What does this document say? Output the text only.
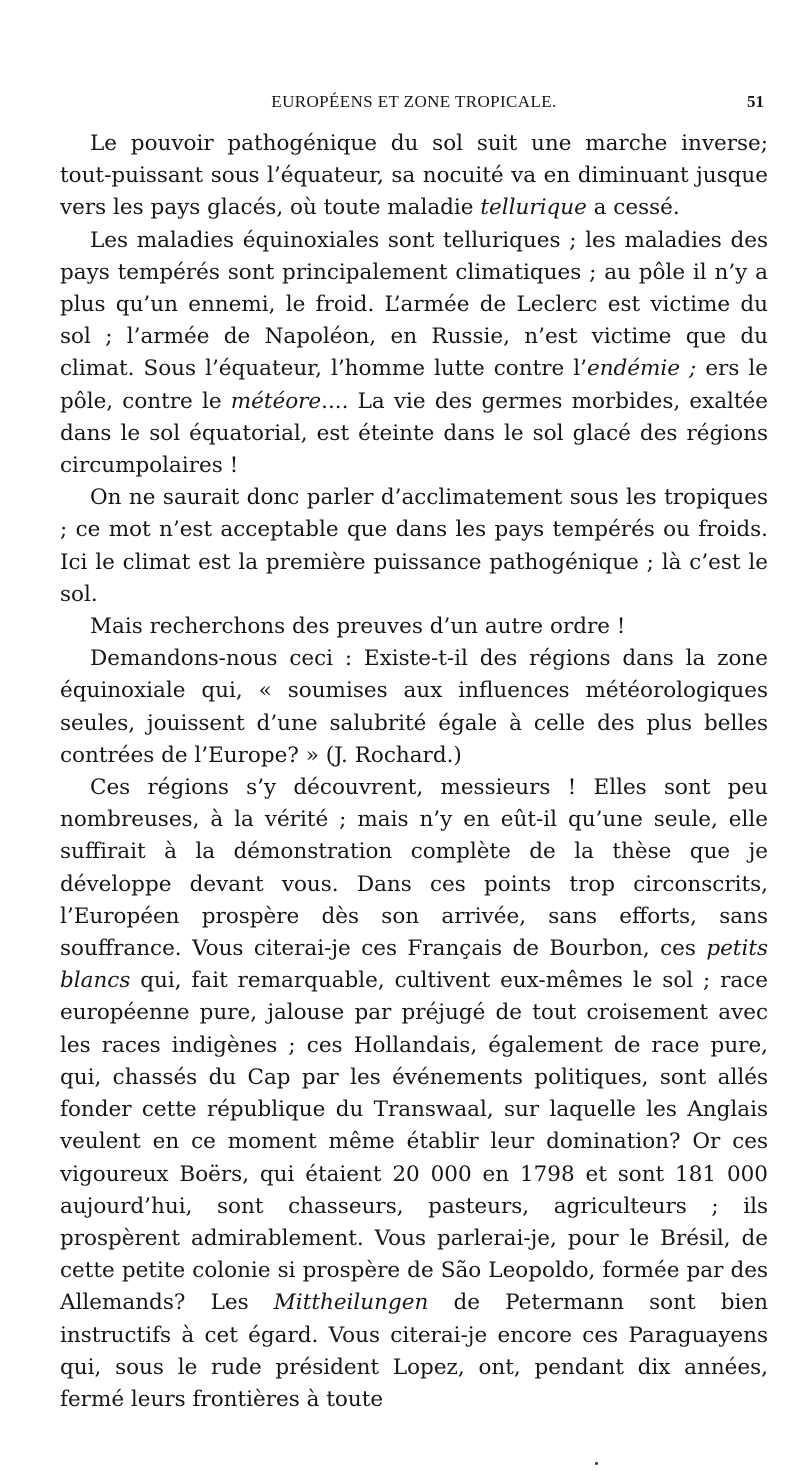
EUROPÉENS ET ZONE TROPICALE.	51

Le pouvoir pathogénique du sol suit une marche inverse; tout-puissant sous l’équateur, sa nocuité va en diminuant jusque vers les pays glacés, où toute maladie tellurique a cessé.

Les maladies équinoxiales sont telluriques ; les maladies des pays tempérés sont principalement climatiques ; au pôle il n’y a plus qu’un ennemi, le froid. L’armée de Leclerc est victime du sol ; l’armée de Napoléon, en Russie, n’est victime que du climat. Sous l’équateur, l’homme lutte contre l’endémie ; ers le pôle, contre le météore.... La vie des germes morbides, exaltée dans le sol équatorial, est éteinte dans le sol glacé des régions circumpolaires !

On ne saurait donc parler d’acclimatement sous les tropiques ; ce mot n’est acceptable que dans les pays tempérés ou froids. Ici le climat est la première puissance pathogénique ; là c’est le sol.

Mais recherchons des preuves d’un autre ordre !

Demandons-nous ceci : Existe-t-il des régions dans la zone équinoxiale qui, « soumises aux influences météorologiques seules, jouissent d’une salubrité égale à celle des plus belles contrées de l’Europe? » (J. Rochard.)

Ces régions s’y découvrent, messieurs ! Elles sont peu nombreuses, à la vérité ; mais n’y en eût-il qu’une seule, elle suffirait à la démonstration complète de la thèse que je développe devant vous. Dans ces points trop circonscrits, l’Européen prospère dès son arrivée, sans efforts, sans souffrance. Vous citerai-je ces Français de Bourbon, ces petits blancs qui, fait remarquable, cultivent eux-mêmes le sol ; race européenne pure, jalouse par préjugé de tout croisement avec les races indigènes ; ces Hollandais, également de race pure, qui, chassés du Cap par les événements politiques, sont allés fonder cette république du Transwaal, sur laquelle les Anglais veulent en ce moment même établir leur domination? Or ces vigoureux Boërs, qui étaient 20 000 en 1798 et sont 181 000 aujourd’hui, sont chasseurs, pasteurs, agriculteurs ; ils prospèrent admirablement. Vous parlerai-je, pour le Brésil, de cette petite colonie si prospère de São Leopoldo, formée par des Allemands? Les Mittheilungen de Petermann sont bien instructifs à cet égard. Vous citerai-je encore ces Paraguayens qui, sous le rude président Lopez, ont, pendant dix années, fermé leurs frontières à toute
